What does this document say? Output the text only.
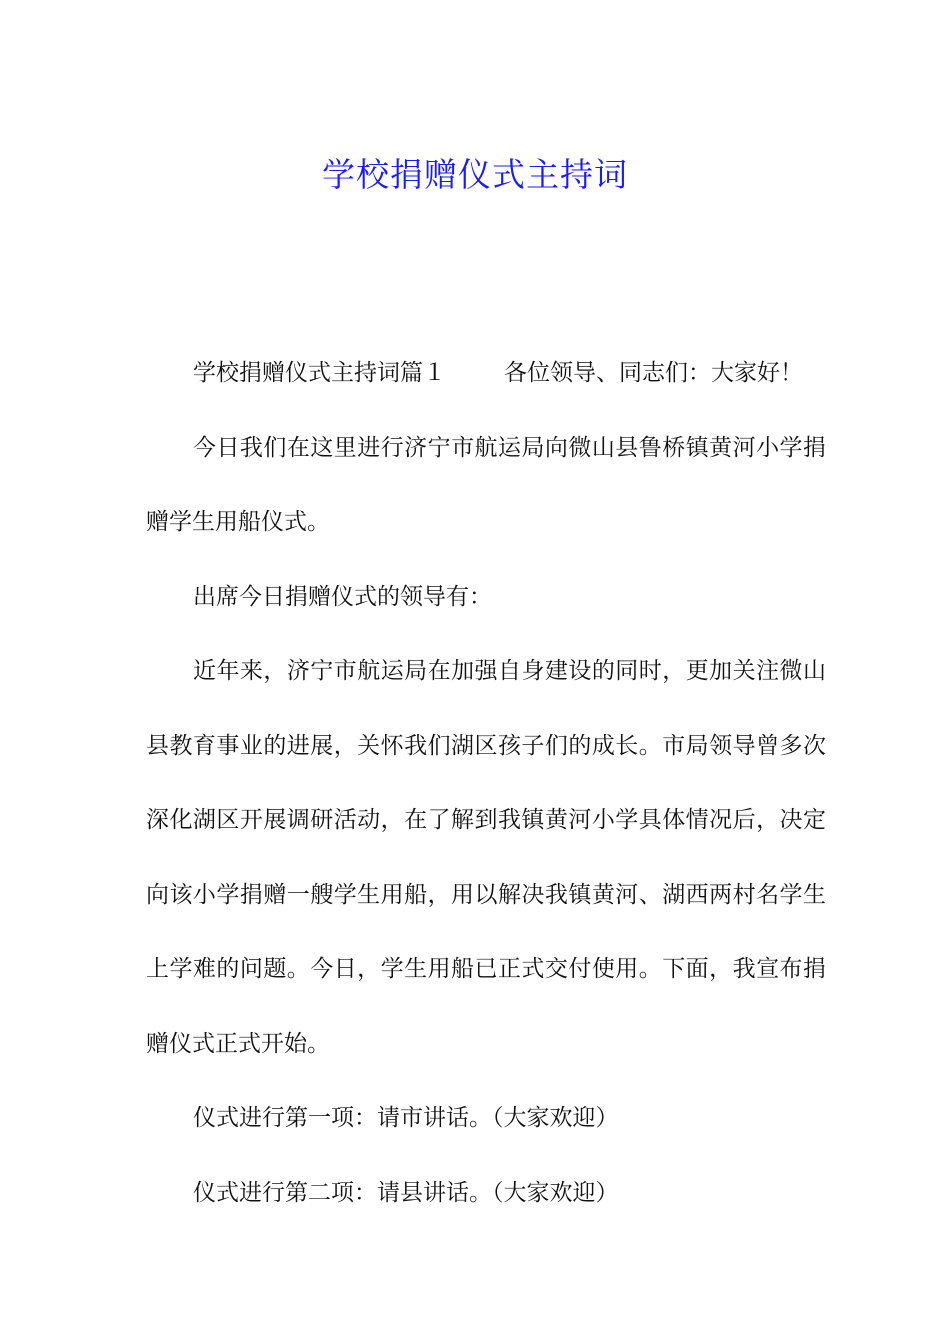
学校捐赠仪式主持词

学校捐赠仪式主持词篇１	各位领导、同志们：大家好！

今日我们在这里进行济宁市航运局向微山县鲁桥镇黄河小学捐赠学生用船仪式。

出席今日捐赠仪式的领导有：

近年来，济宁市航运局在加强自身建设的同时，更加关注微山县教育事业的进展，关怀我们湖区孩子们的成长。市局领导曾多次深化湖区开展调研活动，在了解到我镇黄河小学具体情况后，决定向该小学捐赠一艘学生用船，用以解决我镇黄河、湖西两村名学生上学难的问题。今日，学生用船已正式交付使用。下面，我宣布捐赠仪式正式开始。

仪式进行第一项：请市讲话。（大家欢迎）

仪式进行第二项：请县讲话。（大家欢迎）
